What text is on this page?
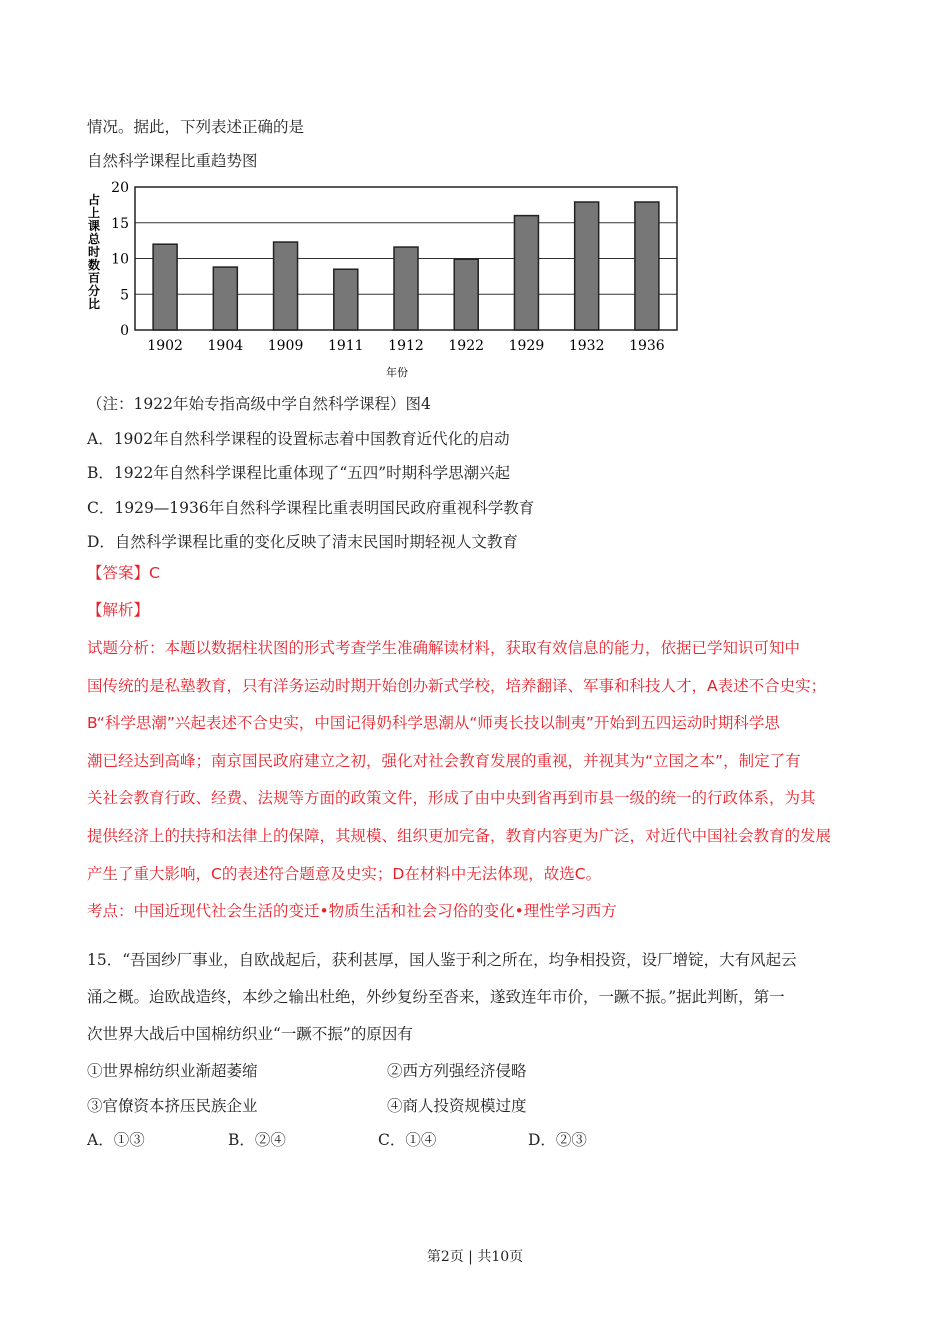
情况。据此，下列表述正确的是
自然科学课程比重趋势图
0
5
10
15
20
1902 1904 1909 1911 1912 1922 1929 1932 1936
占上课总时数百分比
年份
（注：1922年始专指高级中学自然科学课程）图4
A．1902年自然科学课程的设置标志着中国教育近代化的启动
B．1922年自然科学课程比重体现了“五四”时期科学思潮兴起
C．1929—1936年自然科学课程比重表明国民政府重视科学教育
D．自然科学课程比重的变化反映了清末民国时期轻视人文教育
【答案】C
【解析】
试题分析：本题以数据柱状图的形式考查学生准确解读材料，获取有效信息的能力，依据已学知识可知中
国传统的是私塾教育，只有洋务运动时期开始创办新式学校，培养翻译、军事和科技人才，A表述不合史实；
B“科学思潮”兴起表述不合史实，中国记得奶科学思潮从“师夷长技以制夷”开始到五四运动时期科学思
潮已经达到高峰；南京国民政府建立之初，强化对社会教育发展的重视，并视其为“立国之本”，制定了有
关社会教育行政、经费、法规等方面的政策文件，形成了由中央到省再到市县一级的统一的行政体系，为其
提供经济上的扶持和法律上的保障，其规模、组织更加完备，教育内容更为广泛，对近代中国社会教育的发展
产生了重大影响，C的表述符合题意及史实；D在材料中无法体现，故选C。
考点：中国近现代社会生活的变迁•物质生活和社会习俗的变化•理性学习西方
15．“吾国纱厂事业，自欧战起后，获利甚厚，国人鉴于利之所在，均争相投资，设厂增锭，大有风起云
涌之概。迨欧战造终，本纱之输出杜绝，外纱复纷至沓来，遂致连年市价，一蹶不振。”据此判断，第一
次世界大战后中国棉纺织业“一蹶不振”的原因有
①世界棉纺织业渐超萎缩	②西方列强经济侵略
③官僚资本挤压民族企业	④商人投资规模过度
A．①③	B．②④	C．①④	D．②③
第2页 | 共10页
